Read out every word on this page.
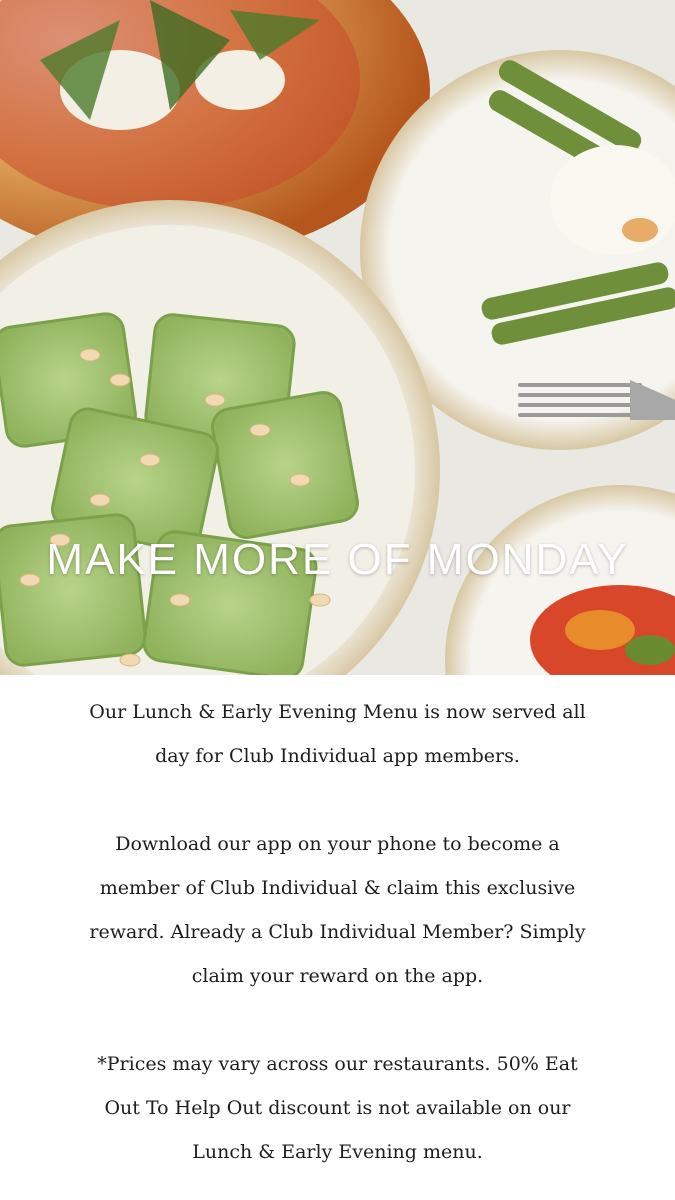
MAKE MORE OF MONDAY

Our Lunch & Early Evening Menu is now served all day for Club Individual app members.

Download our app on your phone to become a member of Club Individual & claim this exclusive reward. Already a Club Individual Member? Simply claim your reward on the app.

*Prices may vary across our restaurants. 50% Eat Out To Help Out discount is not available on our Lunch & Early Evening menu.
